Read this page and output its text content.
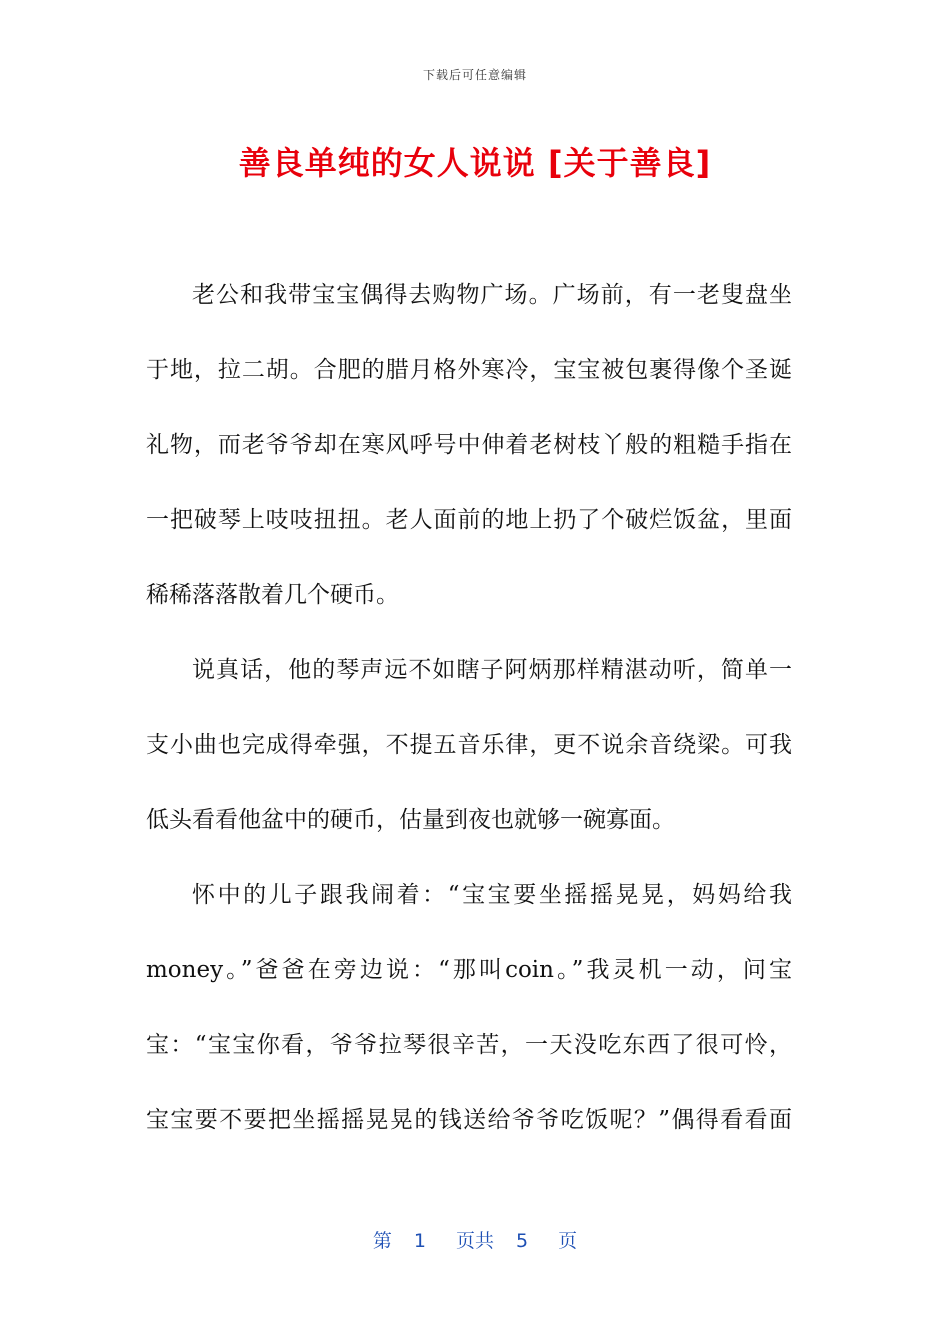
下载后可任意编辑
善良单纯的女人说说 [关于善良]
老公和我带宝宝偶得去购物广场。广场前，有一老叟盘坐
于地，拉二胡。合肥的腊月格外寒冷，宝宝被包裹得像个圣诞
礼物，而老爷爷却在寒风呼号中伸着老树枝丫般的粗糙手指在
一把破琴上吱吱扭扭。老人面前的地上扔了个破烂饭盆，里面
稀稀落落散着几个硬币。
说真话，他的琴声远不如瞎子阿炳那样精湛动听，简单一
支小曲也完成得牵强，不提五音乐律，更不说余音绕梁。可我
低头看看他盆中的硬币，估量到夜也就够一碗寡面。
怀中的儿子跟我闹着：“宝宝要坐摇摇晃晃，妈妈给我
money。”爸爸在旁边说：“那叫coin。”我灵机一动，问宝
宝：“宝宝你看，爷爷拉琴很辛苦，一天没吃东西了很可怜，
宝宝要不要把坐摇摇晃晃的钱送给爷爷吃饭呢？”偶得看看面
第 1 页共 5 页
